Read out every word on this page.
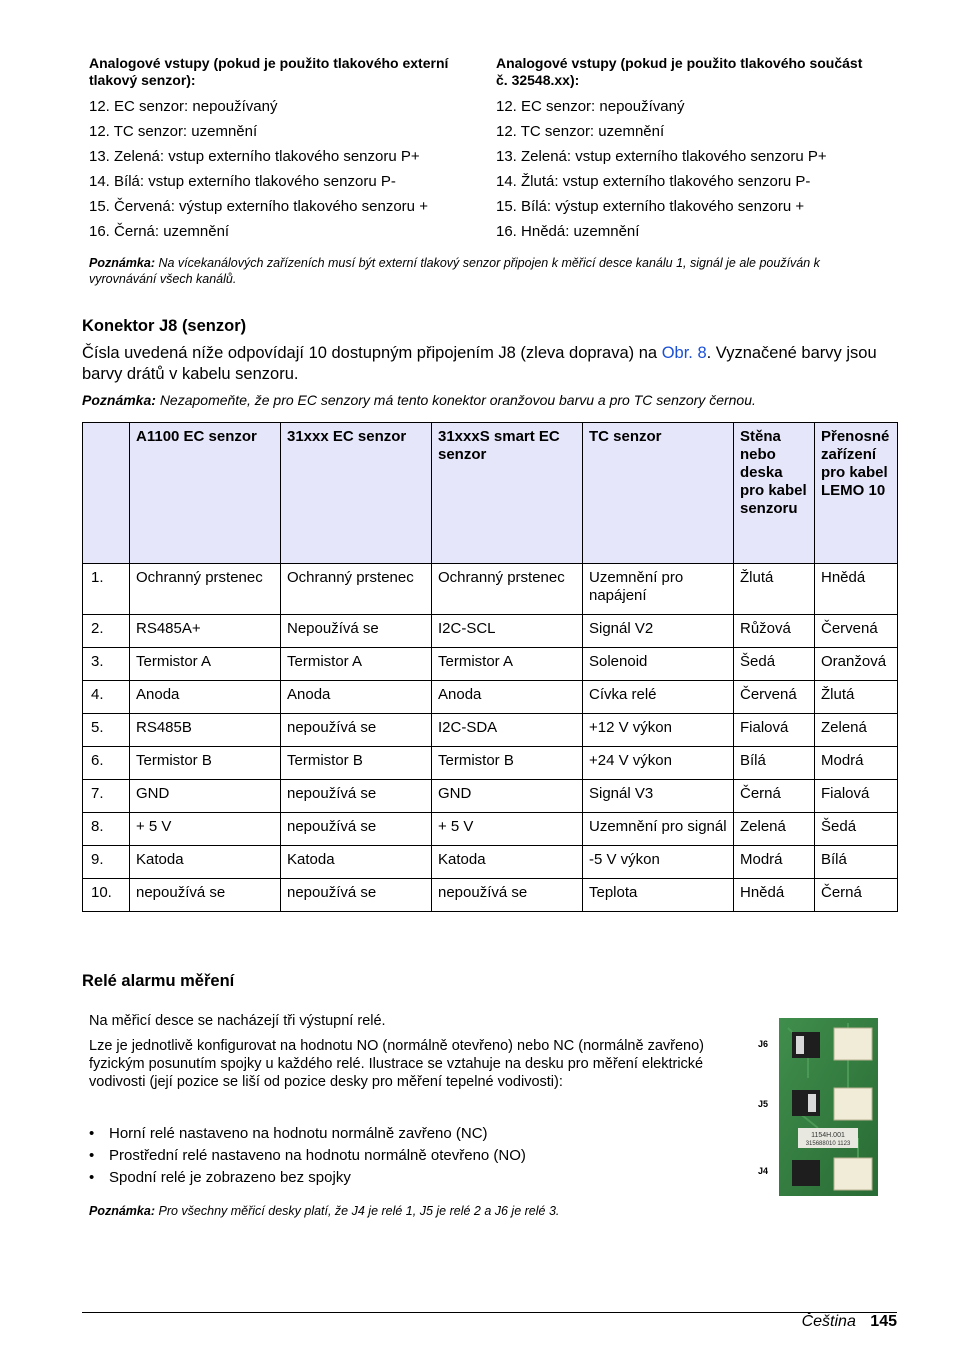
Analogové vstupy (pokud je použito tlakového externí tlakový senzor):
12. EC senzor: nepoužívaný
12. TC senzor: uzemnění
13. Zelená: vstup externího tlakového senzoru P+
14. Bílá: vstup externího tlakového senzoru P-
15. Červená: výstup externího tlakového senzoru +
16. Černá: uzemnění
Analogové vstupy (pokud je použito tlakového součást č. 32548.xx):
12. EC senzor: nepoužívaný
12. TC senzor: uzemnění
13. Zelená: vstup externího tlakového senzoru P+
14. Žlutá: vstup externího tlakového senzoru P-
15. Bílá: výstup externího tlakového senzoru +
16. Hnědá: uzemnění
Poznámka: Na vícekanálových zařízeních musí být externí tlakový senzor připojen k měřicí desce kanálu 1, signál je ale používán k vyrovnávání všech kanálů.
Konektor J8 (senzor)
Čísla uvedená níže odpovídají 10 dostupným připojením J8 (zleva doprava) na Obr. 8. Vyznačené barvy jsou barvy drátů v kabelu senzoru.
Poznámka: Nezapomeňte, že pro EC senzory má tento konektor oranžovou barvu a pro TC senzory černou.
	A1100 EC senzor	31xxx EC senzor	31xxxS smart EC senzor	TC senzor	Stěna nebo deska pro kabel senzoru	Přenosné zařízení pro kabel LEMO 10
1.	Ochranný prstenec	Ochranný prstenec	Ochranný prstenec	Uzemnění pro napájení	Žlutá	Hnědá
2.	RS485A+	Nepoužívá se	I2C-SCL	Signál V2	Růžová	Červená
3.	Termistor A	Termistor A	Termistor A	Solenoid	Šedá	Oranžová
4.	Anoda	Anoda	Anoda	Cívka relé	Červená	Žlutá
5.	RS485B	nepoužívá se	I2C-SDA	+12 V výkon	Fialová	Zelená
6.	Termistor B	Termistor B	Termistor B	+24 V výkon	Bílá	Modrá
7.	GND	nepoužívá se	GND	Signál V3	Černá	Fialová
8.	+ 5 V	nepoužívá se	+ 5 V	Uzemnění pro signál	Zelená	Šedá
9.	Katoda	Katoda	Katoda	-5 V výkon	Modrá	Bílá
10.	nepoužívá se	nepoužívá se	nepoužívá se	Teplota	Hnědá	Černá
Relé alarmu měření
Na měřicí desce se nacházejí tři výstupní relé.
Lze je jednotlivě konfigurovat na hodnotu NO (normálně otevřeno) nebo NC (normálně zavřeno) fyzickým posunutím spojky u každého relé. Ilustrace se vztahuje na desku pro měření elektrické vodivosti (její pozice se liší od pozice desky pro měření tepelné vodivosti):
• Horní relé nastaveno na hodnotu normálně zavřeno (NC)
• Prostřední relé nastaveno na hodnotu normálně otevřeno (NO)
• Spodní relé je zobrazeno bez spojky
Poznámka: Pro všechny měřicí desky platí, že J4 je relé 1, J5 je relé 2 a J6 je relé 3.
1154H.001
315688010 1123
J6
J5
J4
Čeština 145
